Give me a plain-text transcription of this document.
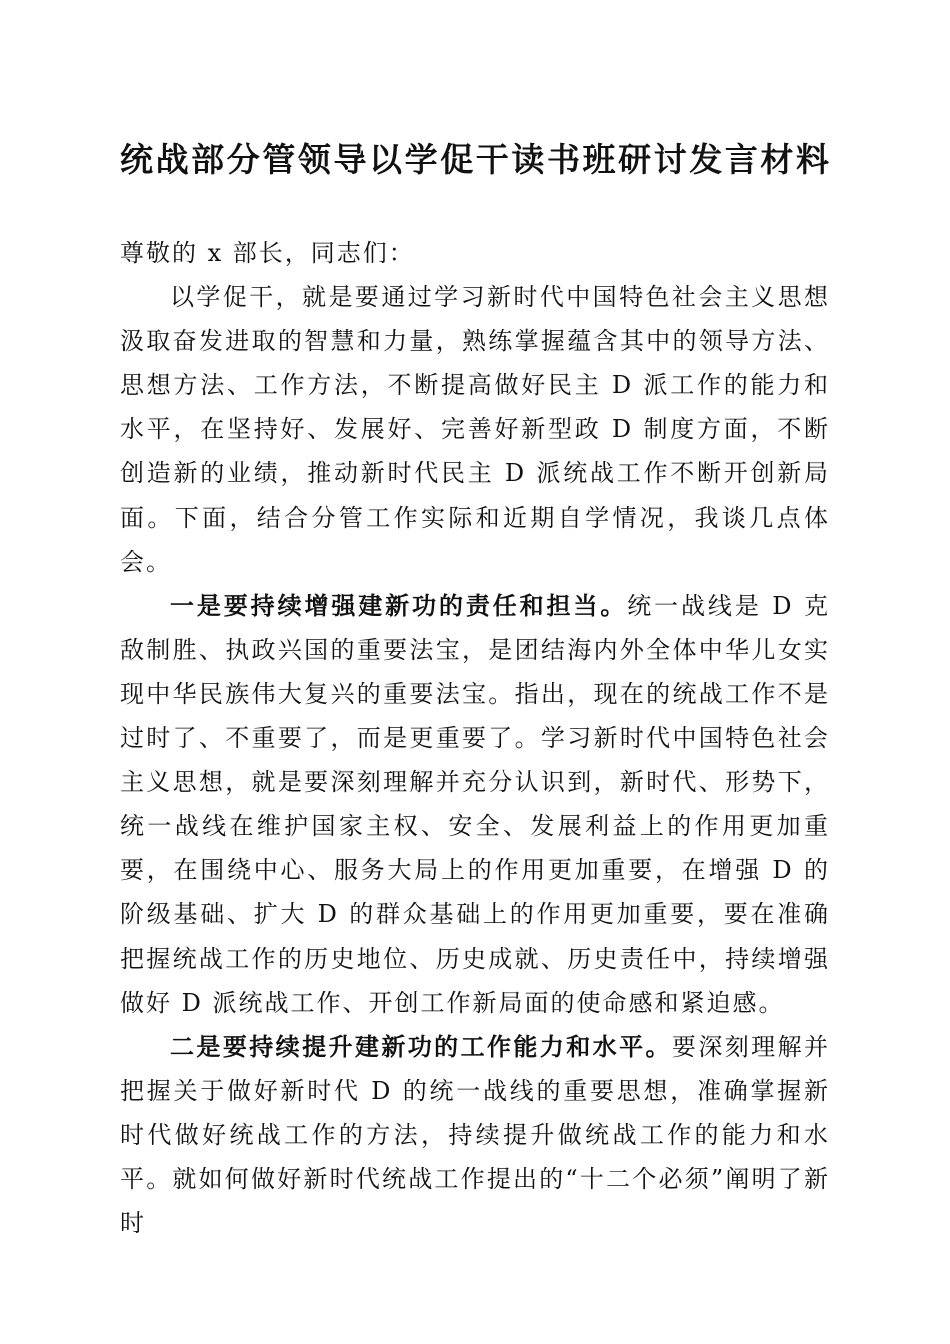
统战部分管领导以学促干读书班研讨发言材料

尊敬的 x 部长，同志们：

以学促干，就是要通过学习新时代中国特色社会主义思想汲取奋发进取的智慧和力量，熟练掌握蕴含其中的领导方法、思想方法、工作方法，不断提高做好民主 D 派工作的能力和水平，在坚持好、发展好、完善好新型政 D 制度方面，不断创造新的业绩，推动新时代民主 D 派统战工作不断开创新局面。下面，结合分管工作实际和近期自学情况，我谈几点体会。

一是要持续增强建新功的责任和担当。统一战线是 D 克敌制胜、执政兴国的重要法宝，是团结海内外全体中华儿女实现中华民族伟大复兴的重要法宝。指出，现在的统战工作不是过时了、不重要了，而是更重要了。学习新时代中国特色社会主义思想，就是要深刻理解并充分认识到，新时代、形势下，统一战线在维护国家主权、安全、发展利益上的作用更加重要，在围绕中心、服务大局上的作用更加重要，在增强 D 的阶级基础、扩大 D 的群众基础上的作用更加重要，要在准确把握统战工作的历史地位、历史成就、历史责任中，持续增强做好 D 派统战工作、开创工作新局面的使命感和紧迫感。

二是要持续提升建新功的工作能力和水平。要深刻理解并把握关于做好新时代 D 的统一战线的重要思想，准确掌握新时代做好统战工作的方法，持续提升做统战工作的能力和水平。就如何做好新时代统战工作提出的“十二个必须”阐明了新时
